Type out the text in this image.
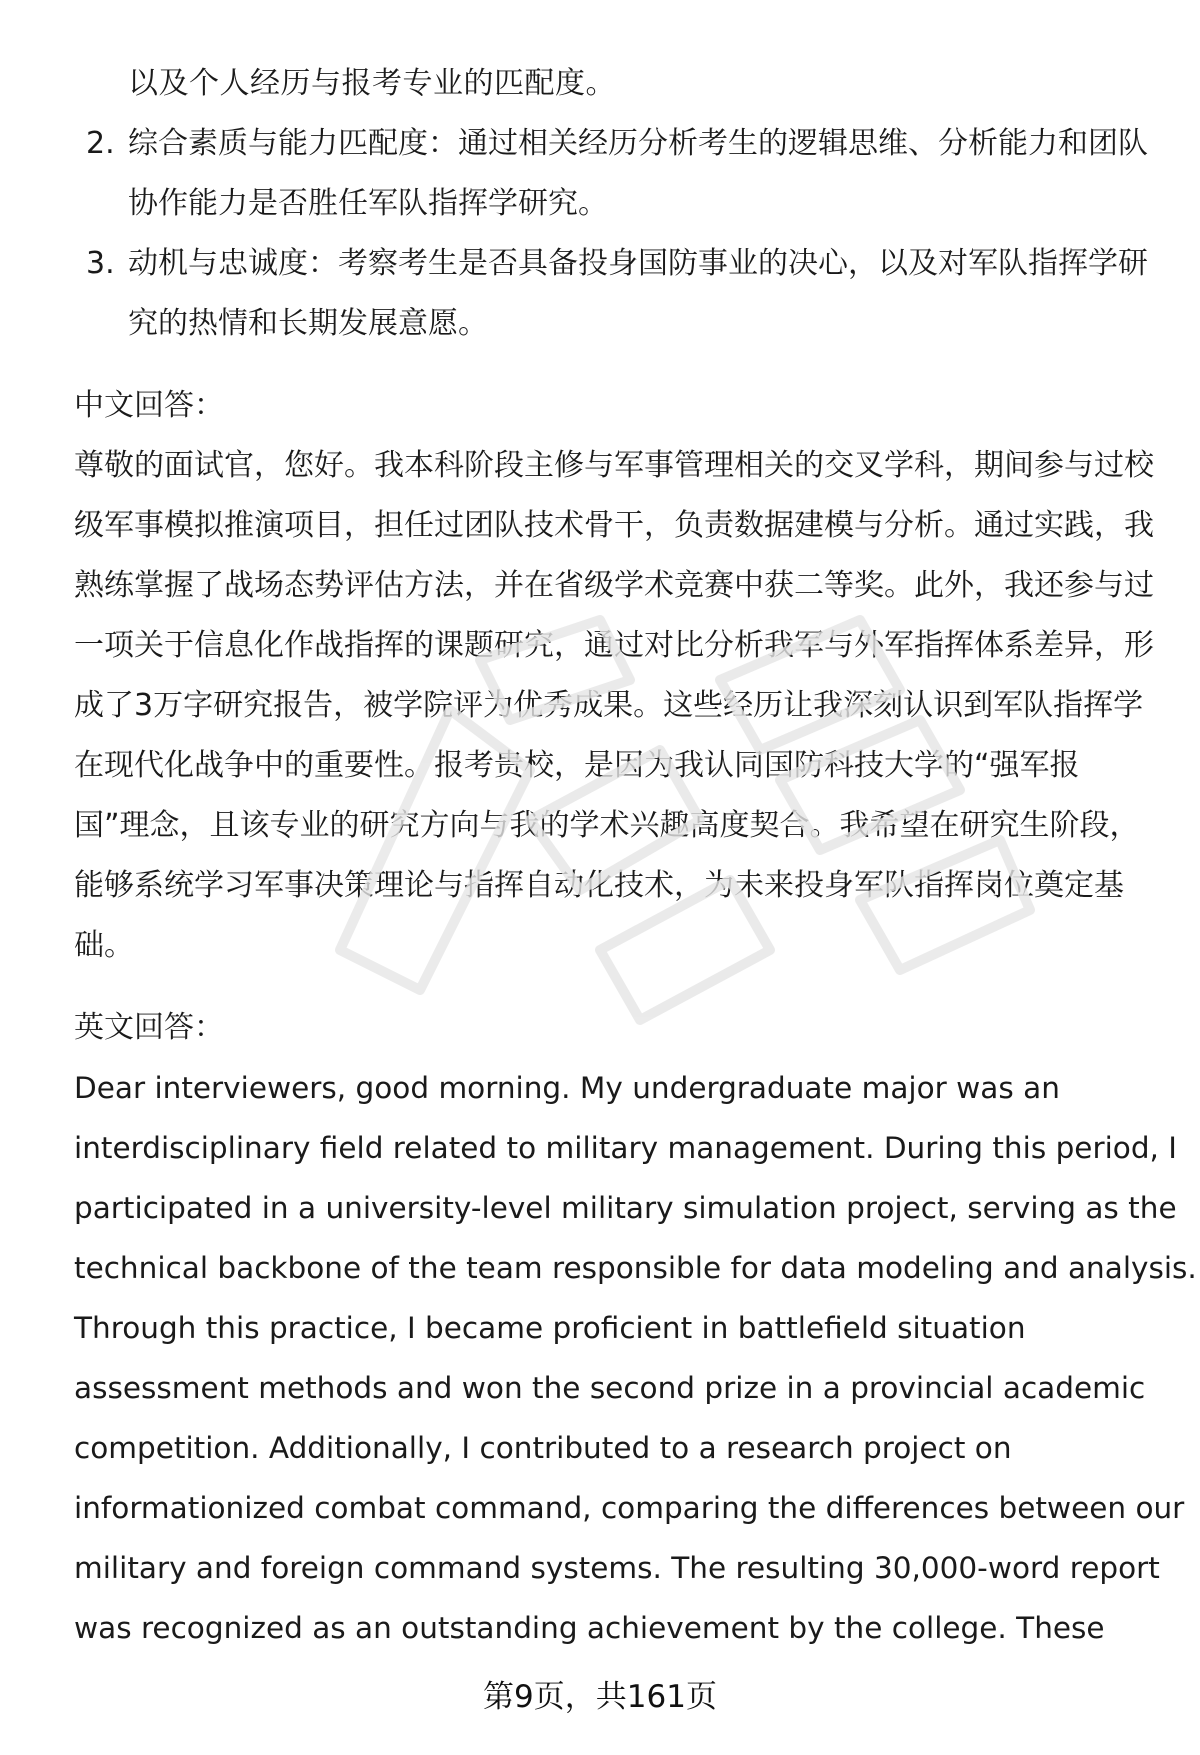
以及个人经历与报考专业的匹配度。
2. 综合素质与能力匹配度：通过相关经历分析考生的逻辑思维、分析能力和团队
协作能力是否胜任军队指挥学研究。
3. 动机与忠诚度：考察考生是否具备投身国防事业的决心，以及对军队指挥学研
究的热情和长期发展意愿。
中文回答：
尊敬的面试官，您好。我本科阶段主修与军事管理相关的交叉学科，期间参与过校
级军事模拟推演项目，担任过团队技术骨干，负责数据建模与分析。通过实践，我
熟练掌握了战场态势评估方法，并在省级学术竞赛中获二等奖。此外，我还参与过
一项关于信息化作战指挥的课题研究，通过对比分析我军与外军指挥体系差异，形
成了3万字研究报告，被学院评为优秀成果。这些经历让我深刻认识到军队指挥学
在现代化战争中的重要性。报考贵校，是因为我认同国防科技大学的“强军报
国”理念，且该专业的研究方向与我的学术兴趣高度契合。我希望在研究生阶段，
能够系统学习军事决策理论与指挥自动化技术，为未来投身军队指挥岗位奠定基
础。
英文回答：
Dear interviewers, good morning. My undergraduate major was an
interdisciplinary field related to military management. During this period, I
participated in a university-level military simulation project, serving as the
technical backbone of the team responsible for data modeling and analysis.
Through this practice, I became proficient in battlefield situation
assessment methods and won the second prize in a provincial academic
competition. Additionally, I contributed to a research project on
informationized combat command, comparing the differences between our
military and foreign command systems. The resulting 30,000-word report
was recognized as an outstanding achievement by the college. These
第9页，共161页
